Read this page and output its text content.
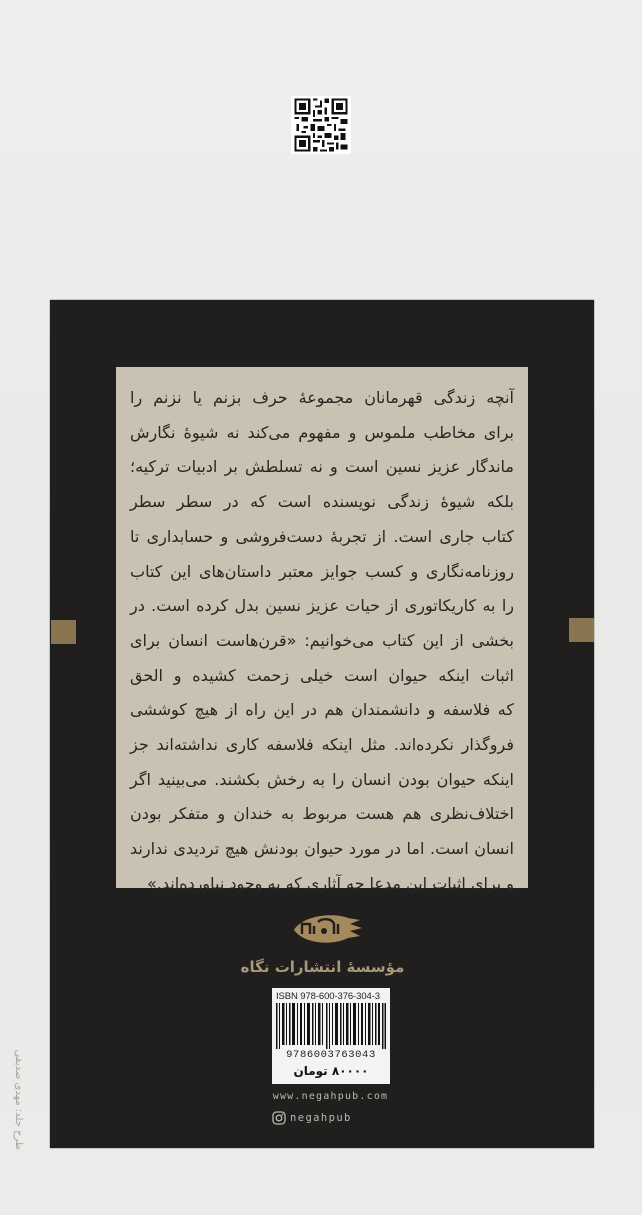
آنچه زندگی قهرمانان مجموعهٔ حرف بزنم یا نزنم را
برای مخاطب ملموس و مفهوم می‌کند نه شیوهٔ نگارش
ماندگار عزیز نسین است و نه تسلطش بر ادبیات ترکیه؛
بلکه شیوهٔ زندگی نویسنده است که در سطر سطر
کتاب جاری است. از تجربهٔ دست‌فروشی و حسابداری تا
روزنامه‌نگاری و کسب جوایز معتبر داستان‌های این کتاب
را به کاریکاتوری از حیات عزیز نسین بدل کرده است. در
بخشی از این کتاب می‌خوانیم: «قرن‌هاست انسان برای
اثبات اینکه حیوان است خیلی زحمت کشیده و الحق
که فلاسفه و دانشمندان هم در این راه از هیچ کوششی
فروگذار نکرده‌اند. مثل اینکه فلاسفه کاری نداشته‌اند جز
اینکه حیوان بودن انسان را به رخش بکشند. می‌بینید اگر
اختلاف‌نظری هم هست مربوط به خندان و متفکر بودن
انسان است. اما در مورد حیوان بودنش هیچ تردیدی ندارند
و برای اثبات این مدعا چه آثاری که به وجود نیاورده‌اند.»
مؤسسهٔ انتشارات نگاه
ISBN 978-600-376-304-3
9786003763043
۸۰۰۰۰ تومان
www.negahpub.com
negahpub
طرح جلد: مهدی صدیقی
